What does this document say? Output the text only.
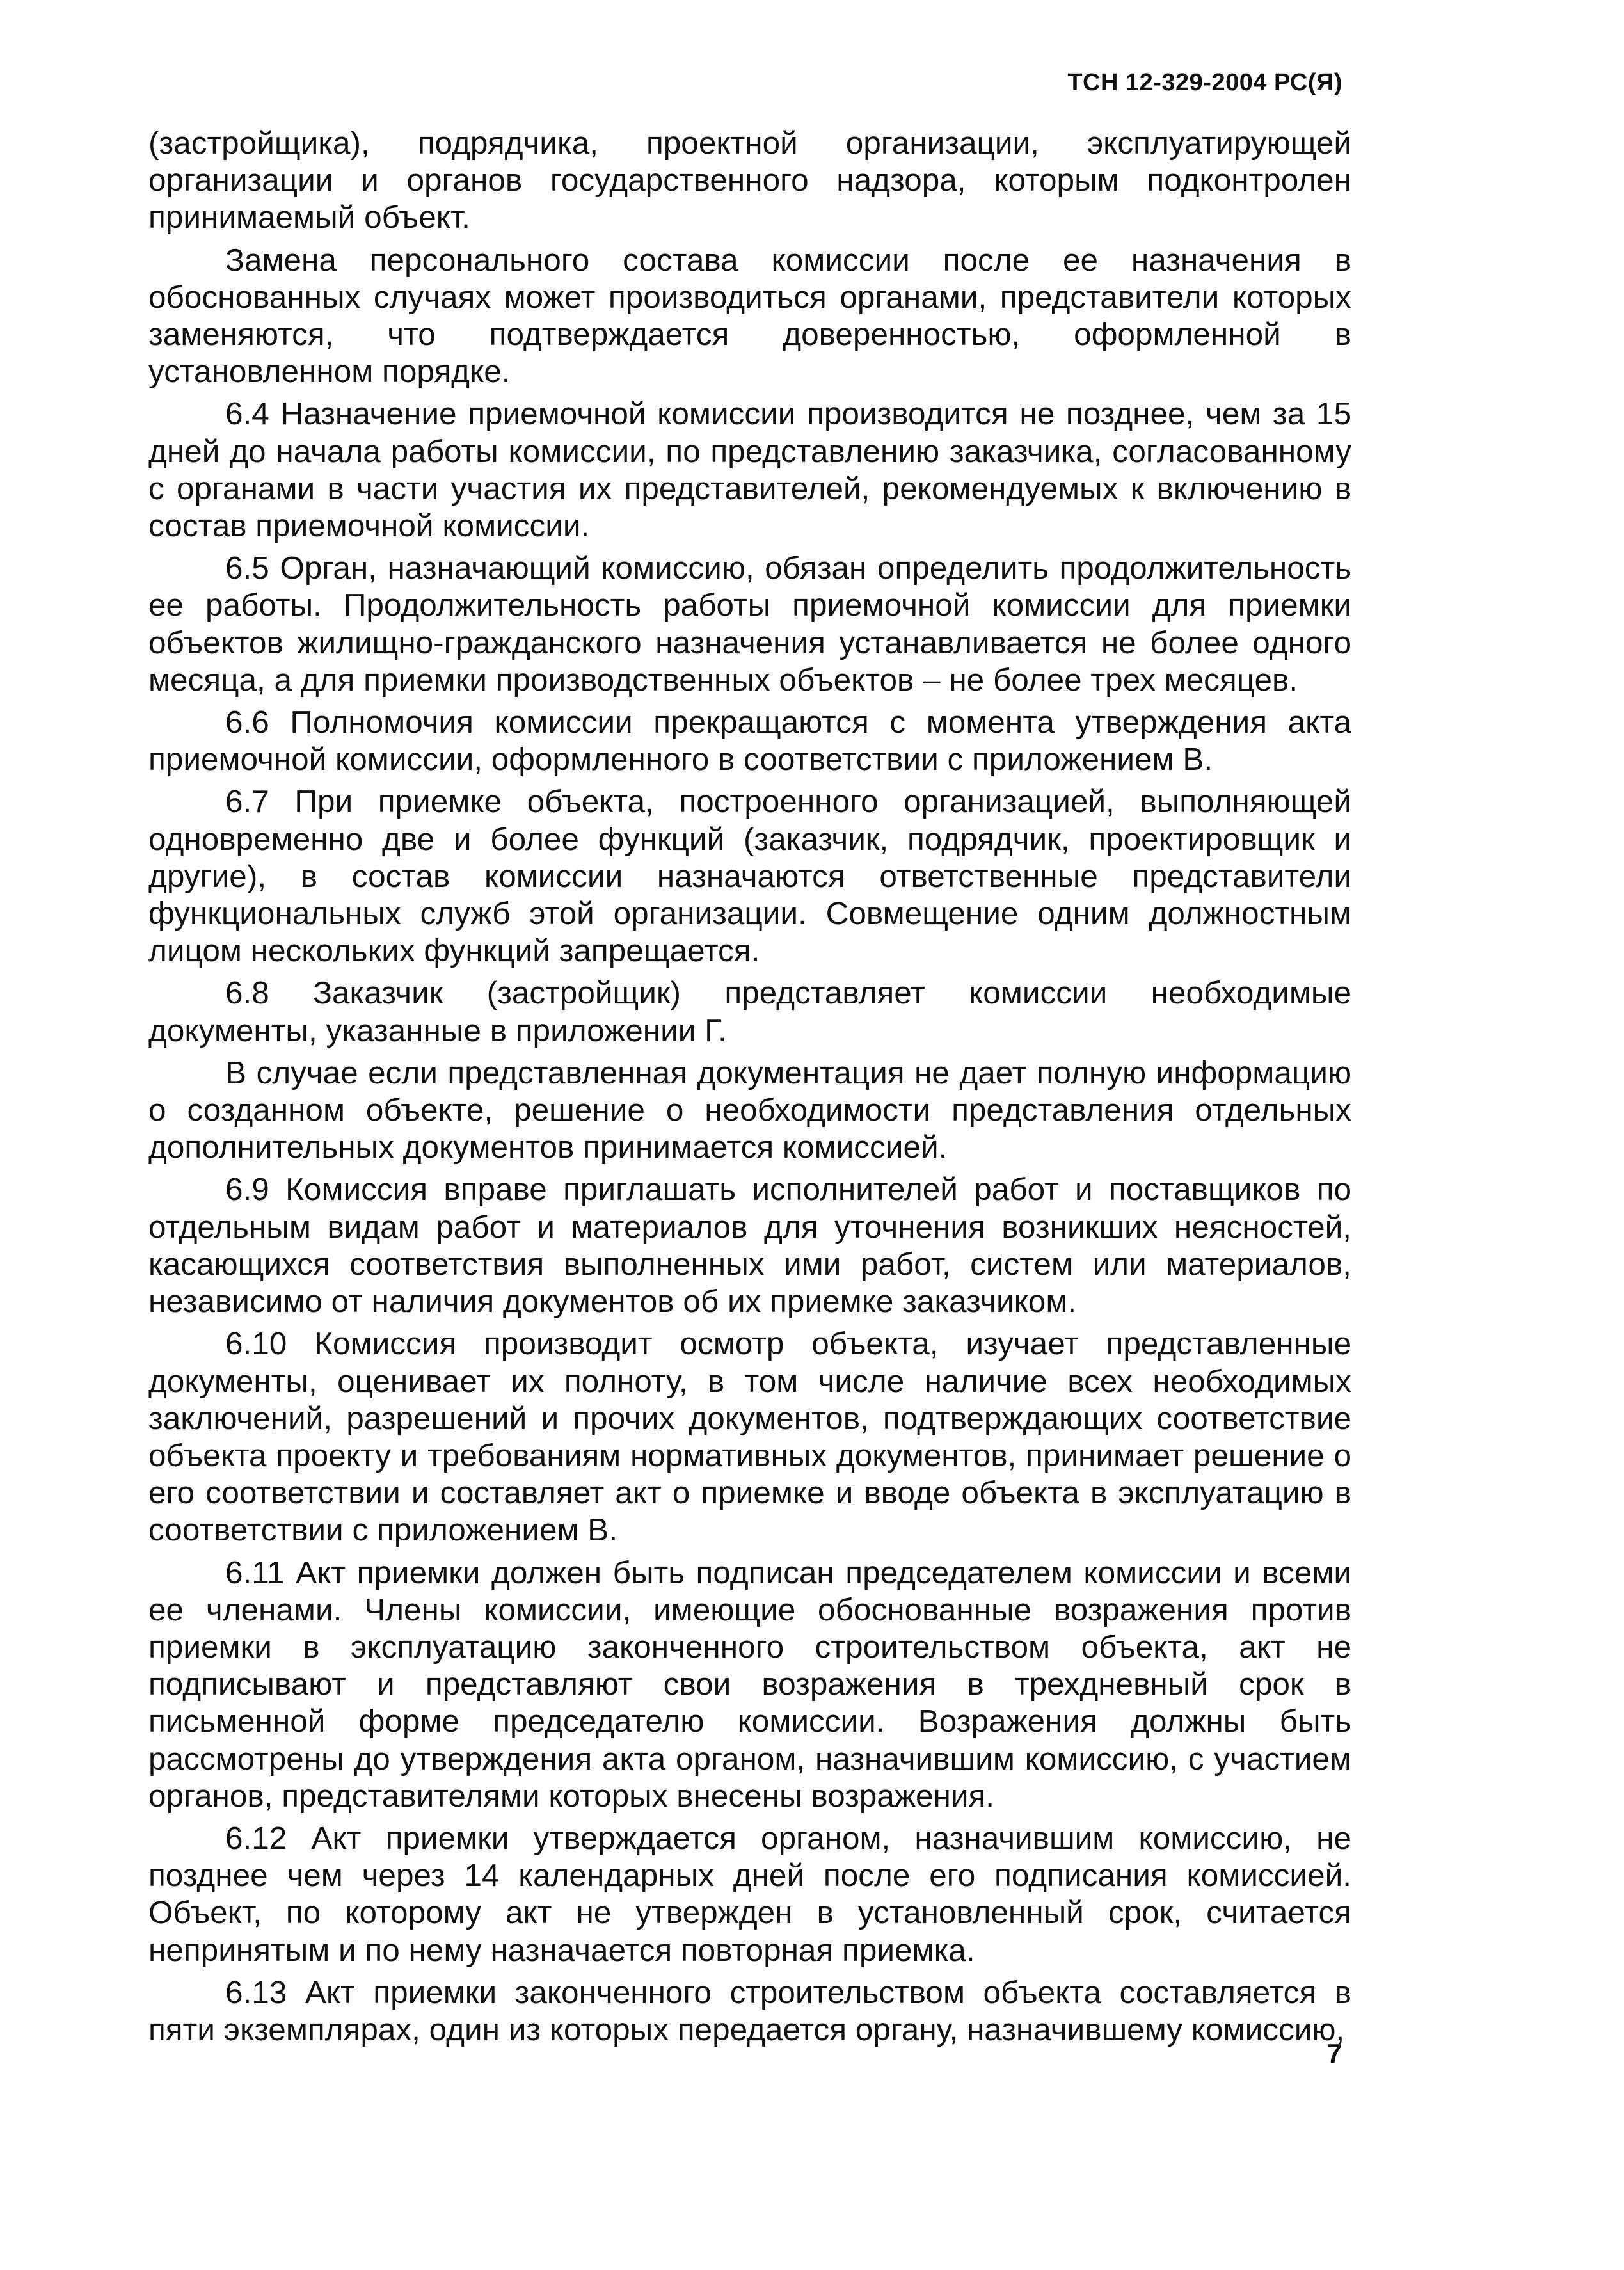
ТСН 12-329-2004 РС(Я)

(застройщика), подрядчика, проектной организации, эксплуатирующей организации и органов государственного надзора, которым подконтролен принимаемый объект.

Замена персонального состава комиссии после ее назначения в обоснованных случаях может производиться органами, представители которых заменяются, что подтверждается доверенностью, оформленной в установленном порядке.

6.4 Назначение приемочной комиссии производится не позднее, чем за 15 дней до начала работы комиссии, по представлению заказчика, согласованному с органами в части участия их представителей, рекомендуемых к включению в состав приемочной комиссии.

6.5 Орган, назначающий комиссию, обязан определить продолжительность ее работы. Продолжительность работы приемочной комиссии для приемки объектов жилищно-гражданского назначения устанавливается не более одного месяца, а для приемки производственных объектов – не более трех месяцев.

6.6 Полномочия комиссии прекращаются с момента утверждения акта приемочной комиссии, оформленного в соответствии с приложением В.

6.7 При приемке объекта, построенного организацией, выполняющей одновременно две и более функций (заказчик, подрядчик, проектировщик и другие), в состав комиссии назначаются ответственные представители функциональных служб этой организации. Совмещение одним должностным лицом нескольких функций запрещается.

6.8 Заказчик (застройщик) представляет комиссии необходимые документы, указанные в приложении Г.

В случае если представленная документация не дает полную информацию о созданном объекте, решение о необходимости представления отдельных дополнительных документов принимается комиссией.

6.9 Комиссия вправе приглашать исполнителей работ и поставщиков по отдельным видам работ и материалов для уточнения возникших неясностей, касающихся соответствия выполненных ими работ, систем или материалов, независимо от наличия документов об их приемке заказчиком.

6.10 Комиссия производит осмотр объекта, изучает представленные документы, оценивает их полноту, в том числе наличие всех необходимых заключений, разрешений и прочих документов, подтверждающих соответствие объекта проекту и требованиям нормативных документов, принимает решение о его соответствии и составляет акт о приемке и вводе объекта в эксплуатацию в соответствии с приложением В.

6.11 Акт приемки должен быть подписан председателем комиссии и всеми ее членами. Члены комиссии, имеющие обоснованные возражения против приемки в эксплуатацию законченного строительством объекта, акт не подписывают и представляют свои возражения в трехдневный срок в письменной форме председателю комиссии. Возражения должны быть рассмотрены до утверждения акта органом, назначившим комиссию, с участием органов, представителями которых внесены возражения.

6.12 Акт приемки утверждается органом, назначившим комиссию, не позднее чем через 14 календарных дней после его подписания комиссией. Объект, по которому акт не утвержден в установленный срок, считается непринятым и по нему назначается повторная приемка.

6.13 Акт приемки законченного строительством объекта составляется в пяти экземплярах, один из которых передается органу, назначившему комиссию,

7
